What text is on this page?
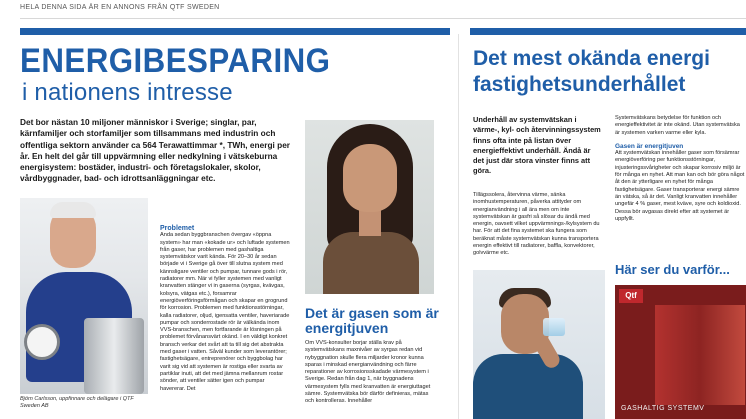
HELA DENNA SIDA ÄR EN ANNONS FRÅN QTF SWEDEN
ENERGIBESPARING
i nationens intresse
Det bor nästan 10 miljoner människor i Sverige; singlar, par, kärnfamiljer och storfamiljer som tillsammans med industrin och offentliga sektorn använder ca 564 Terawattimmar *, TWh, energi per år. En helt del går till uppvärmning eller nedkylning i vätskeburna energisystem: bostäder, industri- och företagslokaler, skolor, vårdbyggnader, bad- och idrottsanläggningar etc.
Björn Carlsson, uppfinnare och delägare i QTF Sweden AB
Problemet
Anda sedan byggbranschen övergav «öppna system» har man «kokade ur» och luftade systemen från gaser, har problemen med gashaltiga systemvätskor varit kända. För 20–30 år sedan började vi i Sverige gå över till slutna system med kännsligare ventiler och pumpar, tunnare gods i rör, radiatorer mm. När vi fyller systemen med vanligt kranvatten stänger vi in gaserna (syrgas, kvävgas, kolsyra, vätgas etc.), forsamrar energiöverföringsförmågan och skapar en grogrund för korrosion. Problemen med funktionsstörningar, kalla radiatorer, oljud, igensatta ventiler, haveriarade pumpar och sonderrostade rör är välkända inom VVS-branschen, men fortfarande är lösningen på problemet förvånansvärt okänd. I en väldigt konkret bransch verkar det svårt att ta till sig det abstrakta med gaser i vatten. Såväl kunder som leverantörer; fastighetsägare, entreprenörer och byggbolag har varit sig vid att systemen är rostiga eller svarta av partiklar inuti, att det med jämna mellanrum rostar sönder, att ventiler sätter igen och pumpar havererar. Det
Det är gasen som är energitjuven
Om VVS-konsulter borjar ställa krav på systemvätskans maxnivåer av syrgas redan vid nybyggnation skulle flera miljarder kronor kunna sparas i minskad energianvändning och färre reparationer av korrosionsskadade värmesystem i Sverige. Redan från dag 1, när byggnadens värmesystem fylls med kranvatten är energiuttaget sämre. Systemvätska bör därför definieras, mätas och kontrolleras. Innehåller
Det mest okända energi
fastighetsunderhållet
Underhåll av systemvätskan i värme-, kyl- och återvinningssystem finns ofta inte på listan över energieffektivt underhåll. Ändå är det just där stora vinster finns att göra.
Tillägssolera, återvinna värme, sänka inomhustemperaturen, påverka attityder om energianvändning i all ära men om inte systemvätskan är gasfri så slösar du ändå med energin, oavsett vilket uppvärmnings-/kylsystem du har. För att det fina systemet ska fungera som beräknat måste systemvätskan kunna transportera energin effektivt till radiatorer, baffla, konvektorer, golvvärme etc.
Systemvätskans betydelse för funktion och energieffektivitet är inte okänd. Utan systemvätska är systemen varken varme eller kyla.
Gasen är energitjuven
Att systemvätskan innehåller gaser som försämrar energiöverföring per funktionsstörningar, injusteringssvårigheter och skapar korrosiv miljö är för många en nyhet. Att man kan och bör göra något åt den är ytterligare en nyhet för många fastighetsägare. Gaser transporterar energi sämre än vätska, så är det. Vanligt kranvatten innehåller ungefär 4 % gaser, mest kväve, syre och koldioxid. Dessa bör avgasas direkt efter att systemet är uppfyllt.
Här ser du varför...
Qtf
GASHALTIG SYSTEMV
